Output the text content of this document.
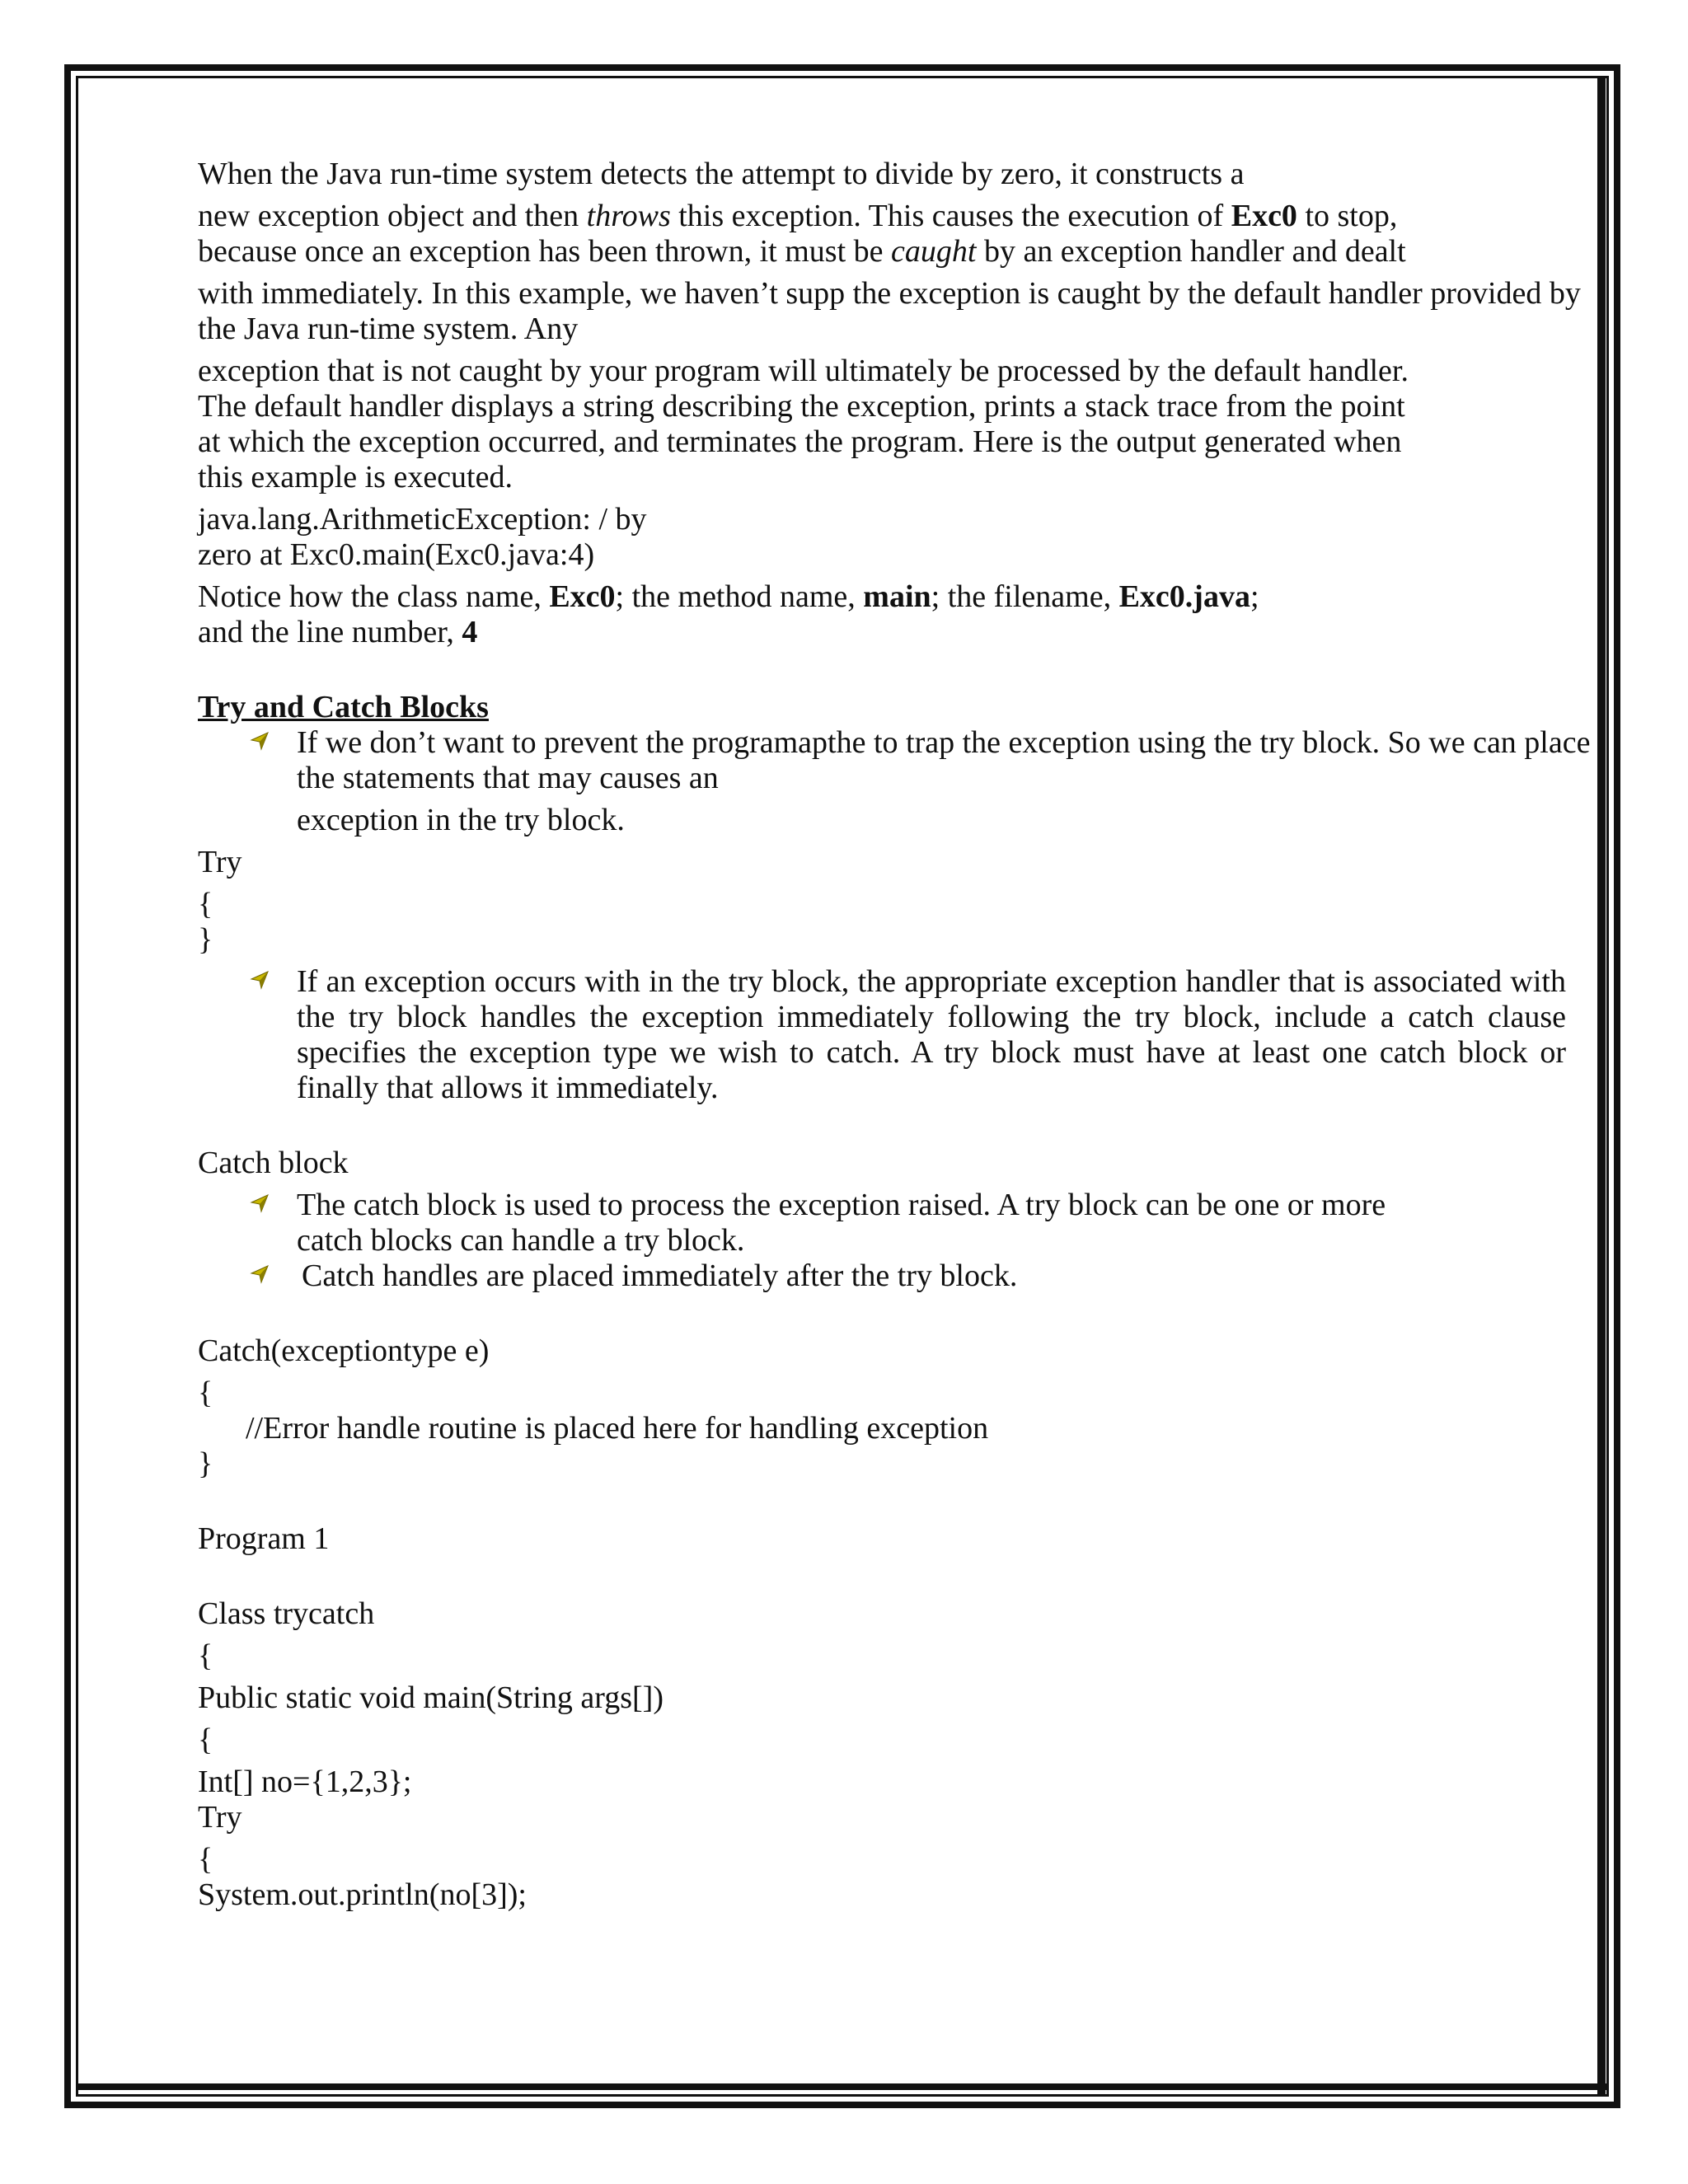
When the Java run-time system detects the attempt to divide by zero, it constructs a
new exception object and then throws this exception. This causes the execution of Exc0 to stop,
because once an exception has been thrown, it must be caught by an exception handler and dealt
with immediately. In this example, we haven’t supp the exception is caught by the default handler provided by
the Java run-time system. Any
exception that is not caught by your program will ultimately be processed by the default handler.
The default handler displays a string describing the exception, prints a stack trace from the point
at which the exception occurred, and terminates the program. Here is the output generated when
this example is executed.
java.lang.ArithmeticException: / by
zero at Exc0.main(Exc0.java:4)
Notice how the class name, Exc0; the method name, main; the filename, Exc0.java;
and the line number, 4
Try and Catch Blocks
If we don’t want to prevent the programapthe to trap the exception using the try block. So we can place
the statements that may causes an
exception in the try block.
Try
{
}
If an exception occurs with in the try block, the appropriate exception handler that is associated with the try block handles the exception immediately following the try block, include a catch clause specifies the exception type we wish to catch. A try block must have at least one catch block or finally that allows it immediately.
Catch block
The catch block is used to process the exception raised. A try block can be one or more
catch blocks can handle a try block.
Catch handles are placed immediately after the try block.
Catch(exceptiontype e)
{
//Error handle routine is placed here for handling exception
}
Program 1
Class trycatch
{
Public static void main(String args[])
{
Int[] no={1,2,3};
Try
{
System.out.println(no[3]);
